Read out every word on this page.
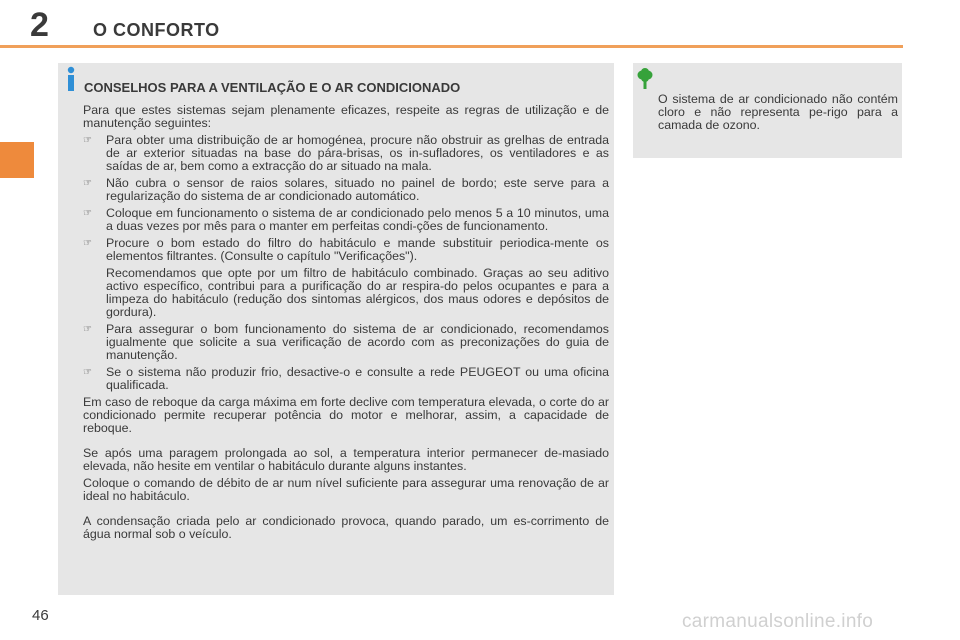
2 O CONFORTO
CONSELHOS PARA A VENTILAÇÃO E O AR CONDICIONADO

Para que estes sistemas sejam plenamente eficazes, respeite as regras de utilização e de manutenção seguintes:

☞	Para obter uma distribuição de ar homogénea, procure não obstruir as grelhas de entrada de ar exterior situadas na base do pára-brisas, os in-sufladores, os ventiladores e as saídas de ar, bem como a extracção do ar situado na mala.
☞	Não cubra o sensor de raios solares, situado no painel de bordo; este serve para a regularização do sistema de ar condicionado automático.
☞	Coloque em funcionamento o sistema de ar condicionado pelo menos 5 a 10 minutos, uma a duas vezes por mês para o manter em perfeitas condi-ções de funcionamento.
☞	Procure o bom estado do filtro do habitáculo e mande substituir periodica-mente os elementos filtrantes. (Consulte o capítulo "Verificações").
Recomendamos que opte por um filtro de habitáculo combinado. Graças ao seu aditivo activo específico, contribui para a purificação do ar respira-do pelos ocupantes e para a limpeza do habitáculo (redução dos sintomas alérgicos, dos maus odores e depósitos de gordura).
☞	Para assegurar o bom funcionamento do sistema de ar condicionado, recomendamos igualmente que solicite a sua verificação de acordo com as preconizações do guia de manutenção.
☞	Se o sistema não produzir frio, desactive-o e consulte a rede PEUGEOT ou uma oficina qualificada.

Em caso de reboque da carga máxima em forte declive com temperatura elevada, o corte do ar condicionado permite recuperar potência do motor e melhorar, assim, a capacidade de reboque.

Se após uma paragem prolongada ao sol, a temperatura interior permanecer de-masiado elevada, não hesite em ventilar o habitáculo durante alguns instantes.

Coloque o comando de débito de ar num nível suficiente para assegurar uma renovação de ar ideal no habitáculo.

A condensação criada pelo ar condicionado provoca, quando parado, um es-corrimento de água normal sob o veículo.

O sistema de ar condicionado não contém cloro e não representa pe-rigo para a camada de ozono.
46	carmanualsonline.info
